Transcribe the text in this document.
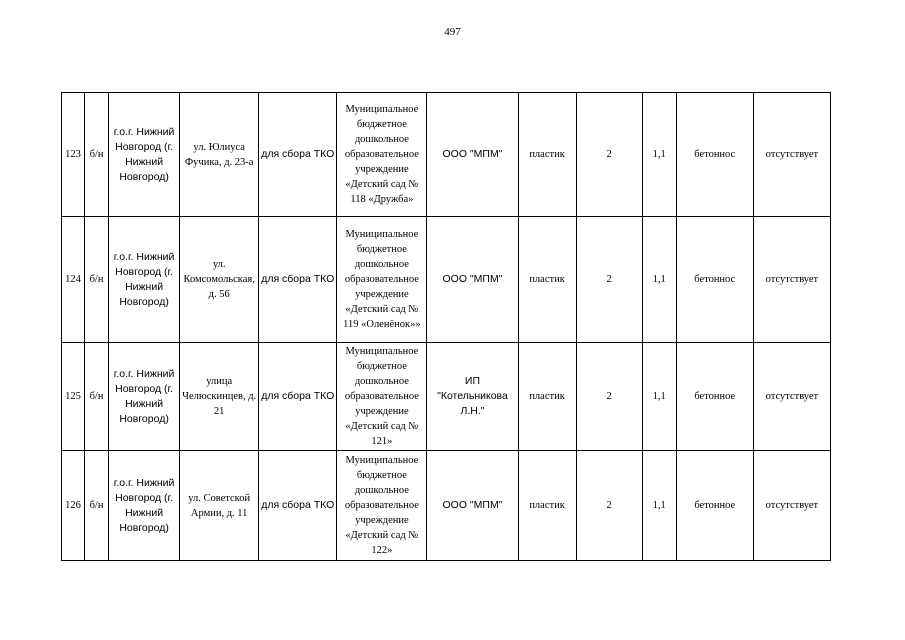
497
123	б/н	г.о.г. Нижний Новгород (г. Нижний Новгород)	ул. Юлиуса Фучика, д. 23-а	для сбора ТКО	Муниципальное бюджетное дошкольное образовательное учреждение «Детский сад № 118 «Дружба»	ООО "МПМ"	пластик	2	1,1	бетоннос	отсутствует
124	б/н	г.о.г. Нижний Новгород (г. Нижний Новгород)	ул. Комсомольская, д. 56	для сбора ТКО	Муниципальное бюджетное дошкольное образовательное учреждение «Детский сад № 119 «Оленёнок»»	ООО "МПМ"	пластик	2	1,1	бетоннос	отсутствует
125	б/н	г.о.г. Нижний Новгород (г. Нижний Новгород)	улица Челюскинцев, д. 21	для сбора ТКО	Муниципальное бюджетное дошкольное образовательное учреждение «Детский сад № 121»	ИП "Котельникова Л.Н."	пластик	2	1,1	бетонное	отсутствует
126	б/н	г.о.г. Нижний Новгород (г. Нижний Новгород)	ул. Советской Армии, д. 11	для сбора ТКО	Муниципальное бюджетное дошкольное образовательное учреждение «Детский сад № 122»	ООО "МПМ"	пластик	2	1,1	бетонное	отсутствует
